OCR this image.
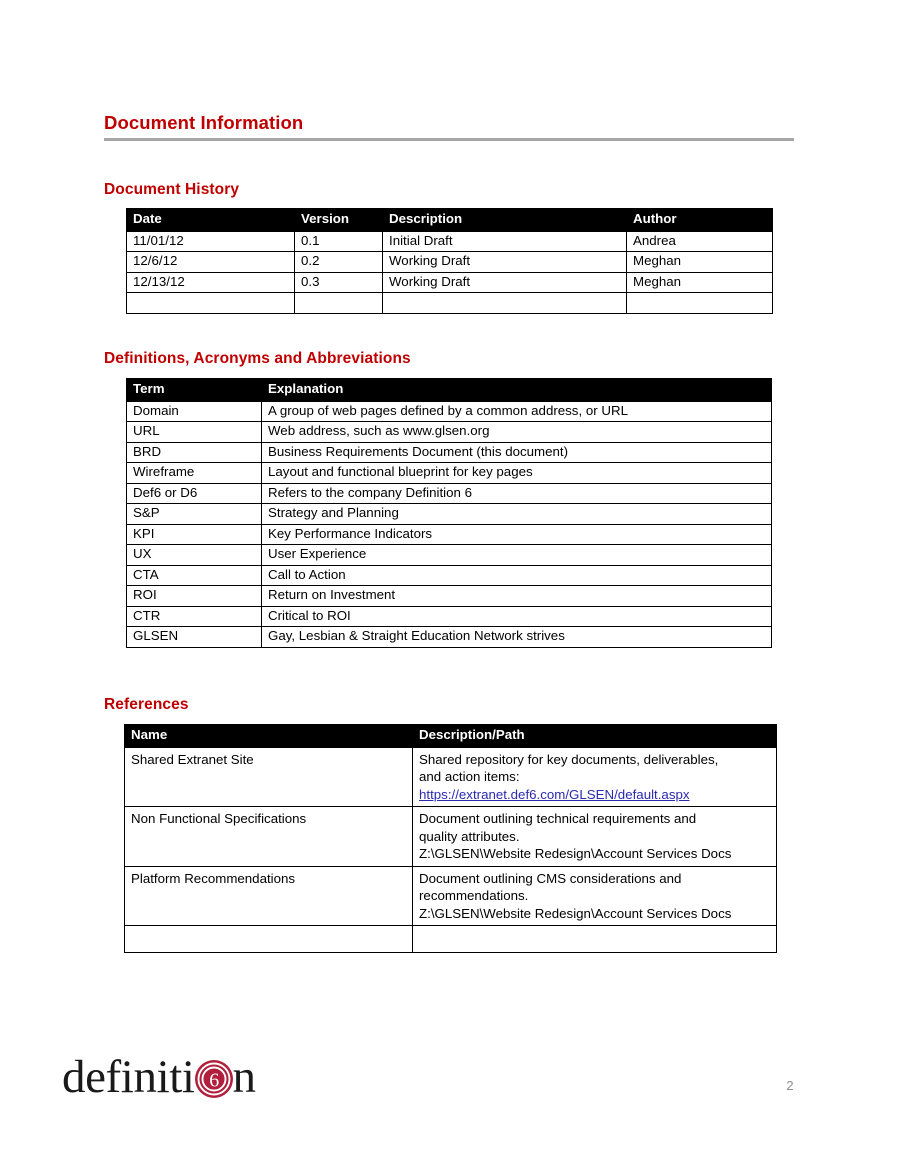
Document Information
Document History
Date	Version	Description	Author
11/01/12	0.1	Initial Draft	Andrea
12/6/12	0.2	Working Draft	Meghan
12/13/12	0.3	Working Draft	Meghan

Definitions, Acronyms and Abbreviations
Term	Explanation
Domain	A group of web pages defined by a common address, or URL
URL	Web address, such as www.glsen.org
BRD	Business Requirements Document (this document)
Wireframe	Layout and functional blueprint for key pages
Def6 or D6	Refers to the company Definition 6
S&P	Strategy and Planning
KPI	Key Performance Indicators
UX	User Experience
CTA	Call to Action
ROI	Return on Investment
CTR	Critical to ROI
GLSEN	Gay, Lesbian & Straight Education Network strives
References
Name	Description/Path
Shared Extranet Site	Shared repository for key documents, deliverables,
and action items:
https://extranet.def6.com/GLSEN/default.aspx
Non Functional Specifications	Document outlining technical requirements and
quality attributes.
Z:\GLSEN\Website Redesign\Account Services Docs
Platform Recommendations	Document outlining CMS considerations and
recommendations.
Z:\GLSEN\Website Redesign\Account Services Docs

definiti 6 n	2
